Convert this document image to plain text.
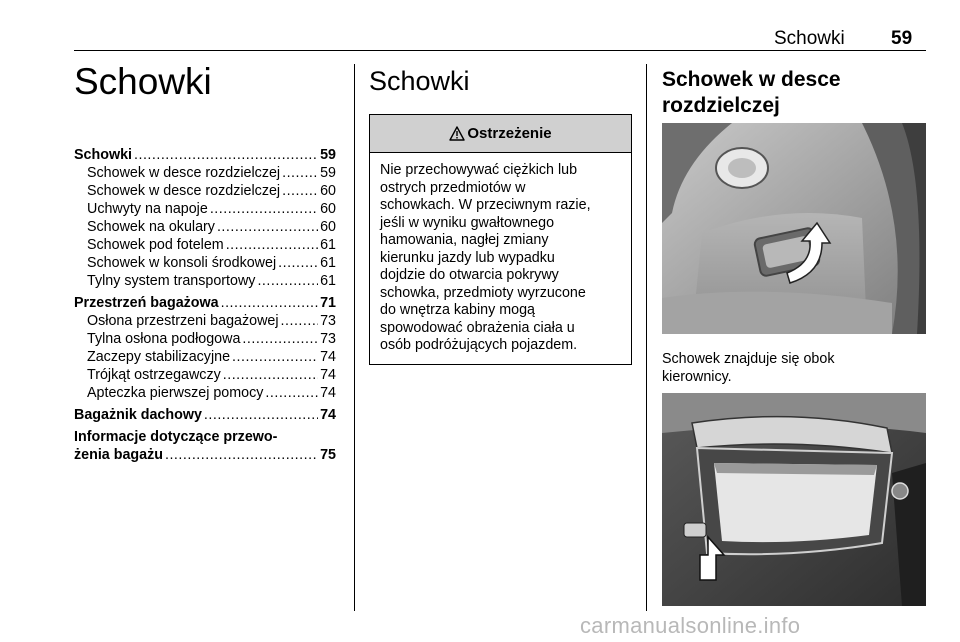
Schowki 59
Schowki
Schowki .....	59
Schowek w desce rozdzielczej .....	59
Schowek w desce rozdzielczej .....	60
Uchwyty na napoje .....	60
Schowek na okulary .....	60
Schowek pod fotelem .....	61
Schowek w konsoli środkowej .....	61
Tylny system transportowy .....	61
Przestrzeń bagażowa .....	71
Osłona przestrzeni bagażowej .....	73
Tylna osłona podłogowa .....	73
Zaczepy stabilizacyjne .....	74
Trójkąt ostrzegawczy .....	74
Apteczka pierwszej pomocy .....	74
Bagażnik dachowy .....	74
Informacje dotyczące przewo-
żenia bagażu .....	75
Schowki
Ostrzeżenie
Nie przechowywać ciężkich lub
ostrych przedmiotów w
schowkach. W przeciwnym razie,
jeśli w wyniku gwałtownego
hamowania, nagłej zmiany
kierunku jazdy lub wypadku
dojdzie do otwarcia pokrywy
schowka, przedmioty wyrzucone
do wnętrza kabiny mogą
spowodować obrażenia ciała u
osób podróżujących pojazdem.
Schowek w desce
rozdzielczej
Schowek znajduje się obok
kierownicy.
carmanualsonline.info
